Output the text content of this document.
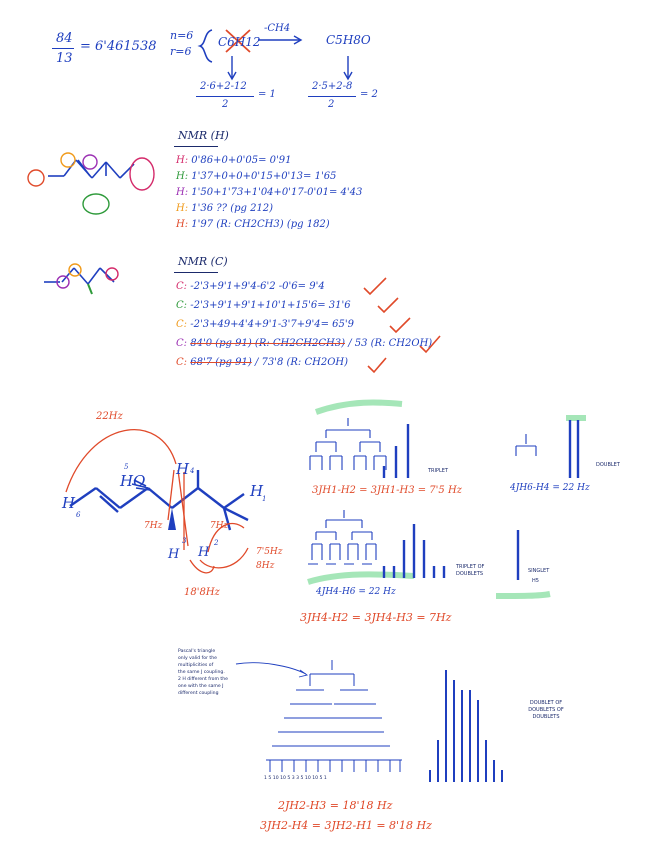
84
13
= 6'461538
n=6
r=6
C6H12
-CH4
C5H8O
2·6+2-12
2
= 1
2·5+2-8
2
= 2
NMR (H)
H: 0'86+0+0'05= 0'91
H: 1'37+0+0+0'15+0'13= 1'65
H: 1'50+1'73+1'04+0'17-0'01= 4'43
H: 1'36 ?? (pg 212)
H: 1'97 (R: CH2CH3) (pg 182)
NMR (C)
C: -2'3+9'1+9'4-6'2 -0'6= 9'4
C: -2'3+9'1+9'1+10'1+15'6= 31'6
C: -2'3+49+4'4+9'1-3'7+9'4= 65'9
C: 84'0 (pg 91) (R: CH2CH2CH3) / 53 (R: CH2OH)
C: 68'7 (pg 91) / 73'8 (R: CH2OH)
22Hz
H
6
HO
5	H 4
H
1
H
3
H
2
7Hz	7Hz
7'5Hz
8Hz
18'8Hz
TRIPLET
3JH1-H2 = 3JH1-H3 = 7'5 Hz
DOUBLET
4JH6-H4 = 22 Hz
TRIPLET OF DOUBLETS
4JH4-H6 = 22 Hz
3JH4-H2 = 3JH4-H3 = 7Hz
SINGLET
H5
DOUBLET OF DOUBLETS OF DOUBLETS
1 5 10 10 5 3 3 5 10 10 5 1
2JH2-H3 = 18'18 Hz
3JH2-H4 = 3JH2-H1 = 8'18 Hz
Pascal's triangle
only valid for the
multiplicities of
the same J coupling.
2 H different from the
one with the same J
different coupling
